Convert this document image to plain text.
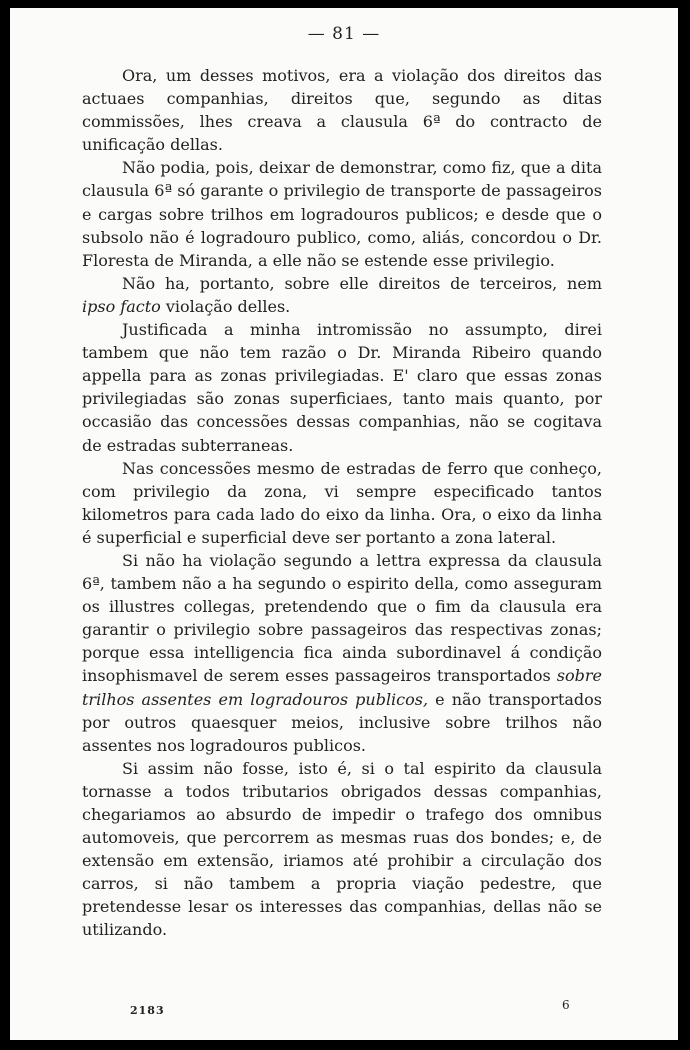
— 81 —

Ora, um desses motivos, era a violação dos direitos das actuaes companhias, direitos que, segundo as ditas commissões, lhes creava a clausula 6ª do contracto de unificação dellas.

Não podia, pois, deixar de demonstrar, como fiz, que a dita clausula 6ª só garante o privilegio de transporte de passageiros e cargas sobre trilhos em logradouros publicos; e desde que o subsolo não é logradouro publico, como, aliás, concordou o Dr. Floresta de Miranda, a elle não se estende esse privilegio.

Não ha, portanto, sobre elle direitos de terceiros, nem ipso facto violação delles.

Justificada a minha intromissão no assumpto, direi tambem que não tem razão o Dr. Miranda Ribeiro quando appella para as zonas privilegiadas. E' claro que essas zonas privilegiadas são zonas superficiaes, tanto mais quanto, por occasião das concessões dessas companhias, não se cogitava de estradas subterraneas.

Nas concessões mesmo de estradas de ferro que conheço, com privilegio da zona, vi sempre especificado tantos kilometros para cada lado do eixo da linha. Ora, o eixo da linha é superficial e superficial deve ser portanto a zona lateral.

Si não ha violação segundo a lettra expressa da clausula 6ª, tambem não a ha segundo o espirito della, como asseguram os illustres collegas, pretendendo que o fim da clausula era garantir o privilegio sobre passageiros das respectivas zonas; porque essa intelligencia fica ainda subordinavel á condição insophismavel de serem esses passageiros transportados sobre trilhos assentes em logradouros publicos, e não transportados por outros quaesquer meios, inclusive sobre trilhos não assentes nos logradouros publicos.

Si assim não fosse, isto é, si o tal espirito da clausula tornasse a todos tributarios obrigados dessas companhias, chegariamos ao absurdo de impedir o trafego dos omnibus automoveis, que percorrem as mesmas ruas dos bondes; e, de extensão em extensão, iriamos até prohibir a circulação dos carros, si não tambem a propria viação pedestre, que pretendesse lesar os interesses das companhias, dellas não se utilizando.

2183	6
